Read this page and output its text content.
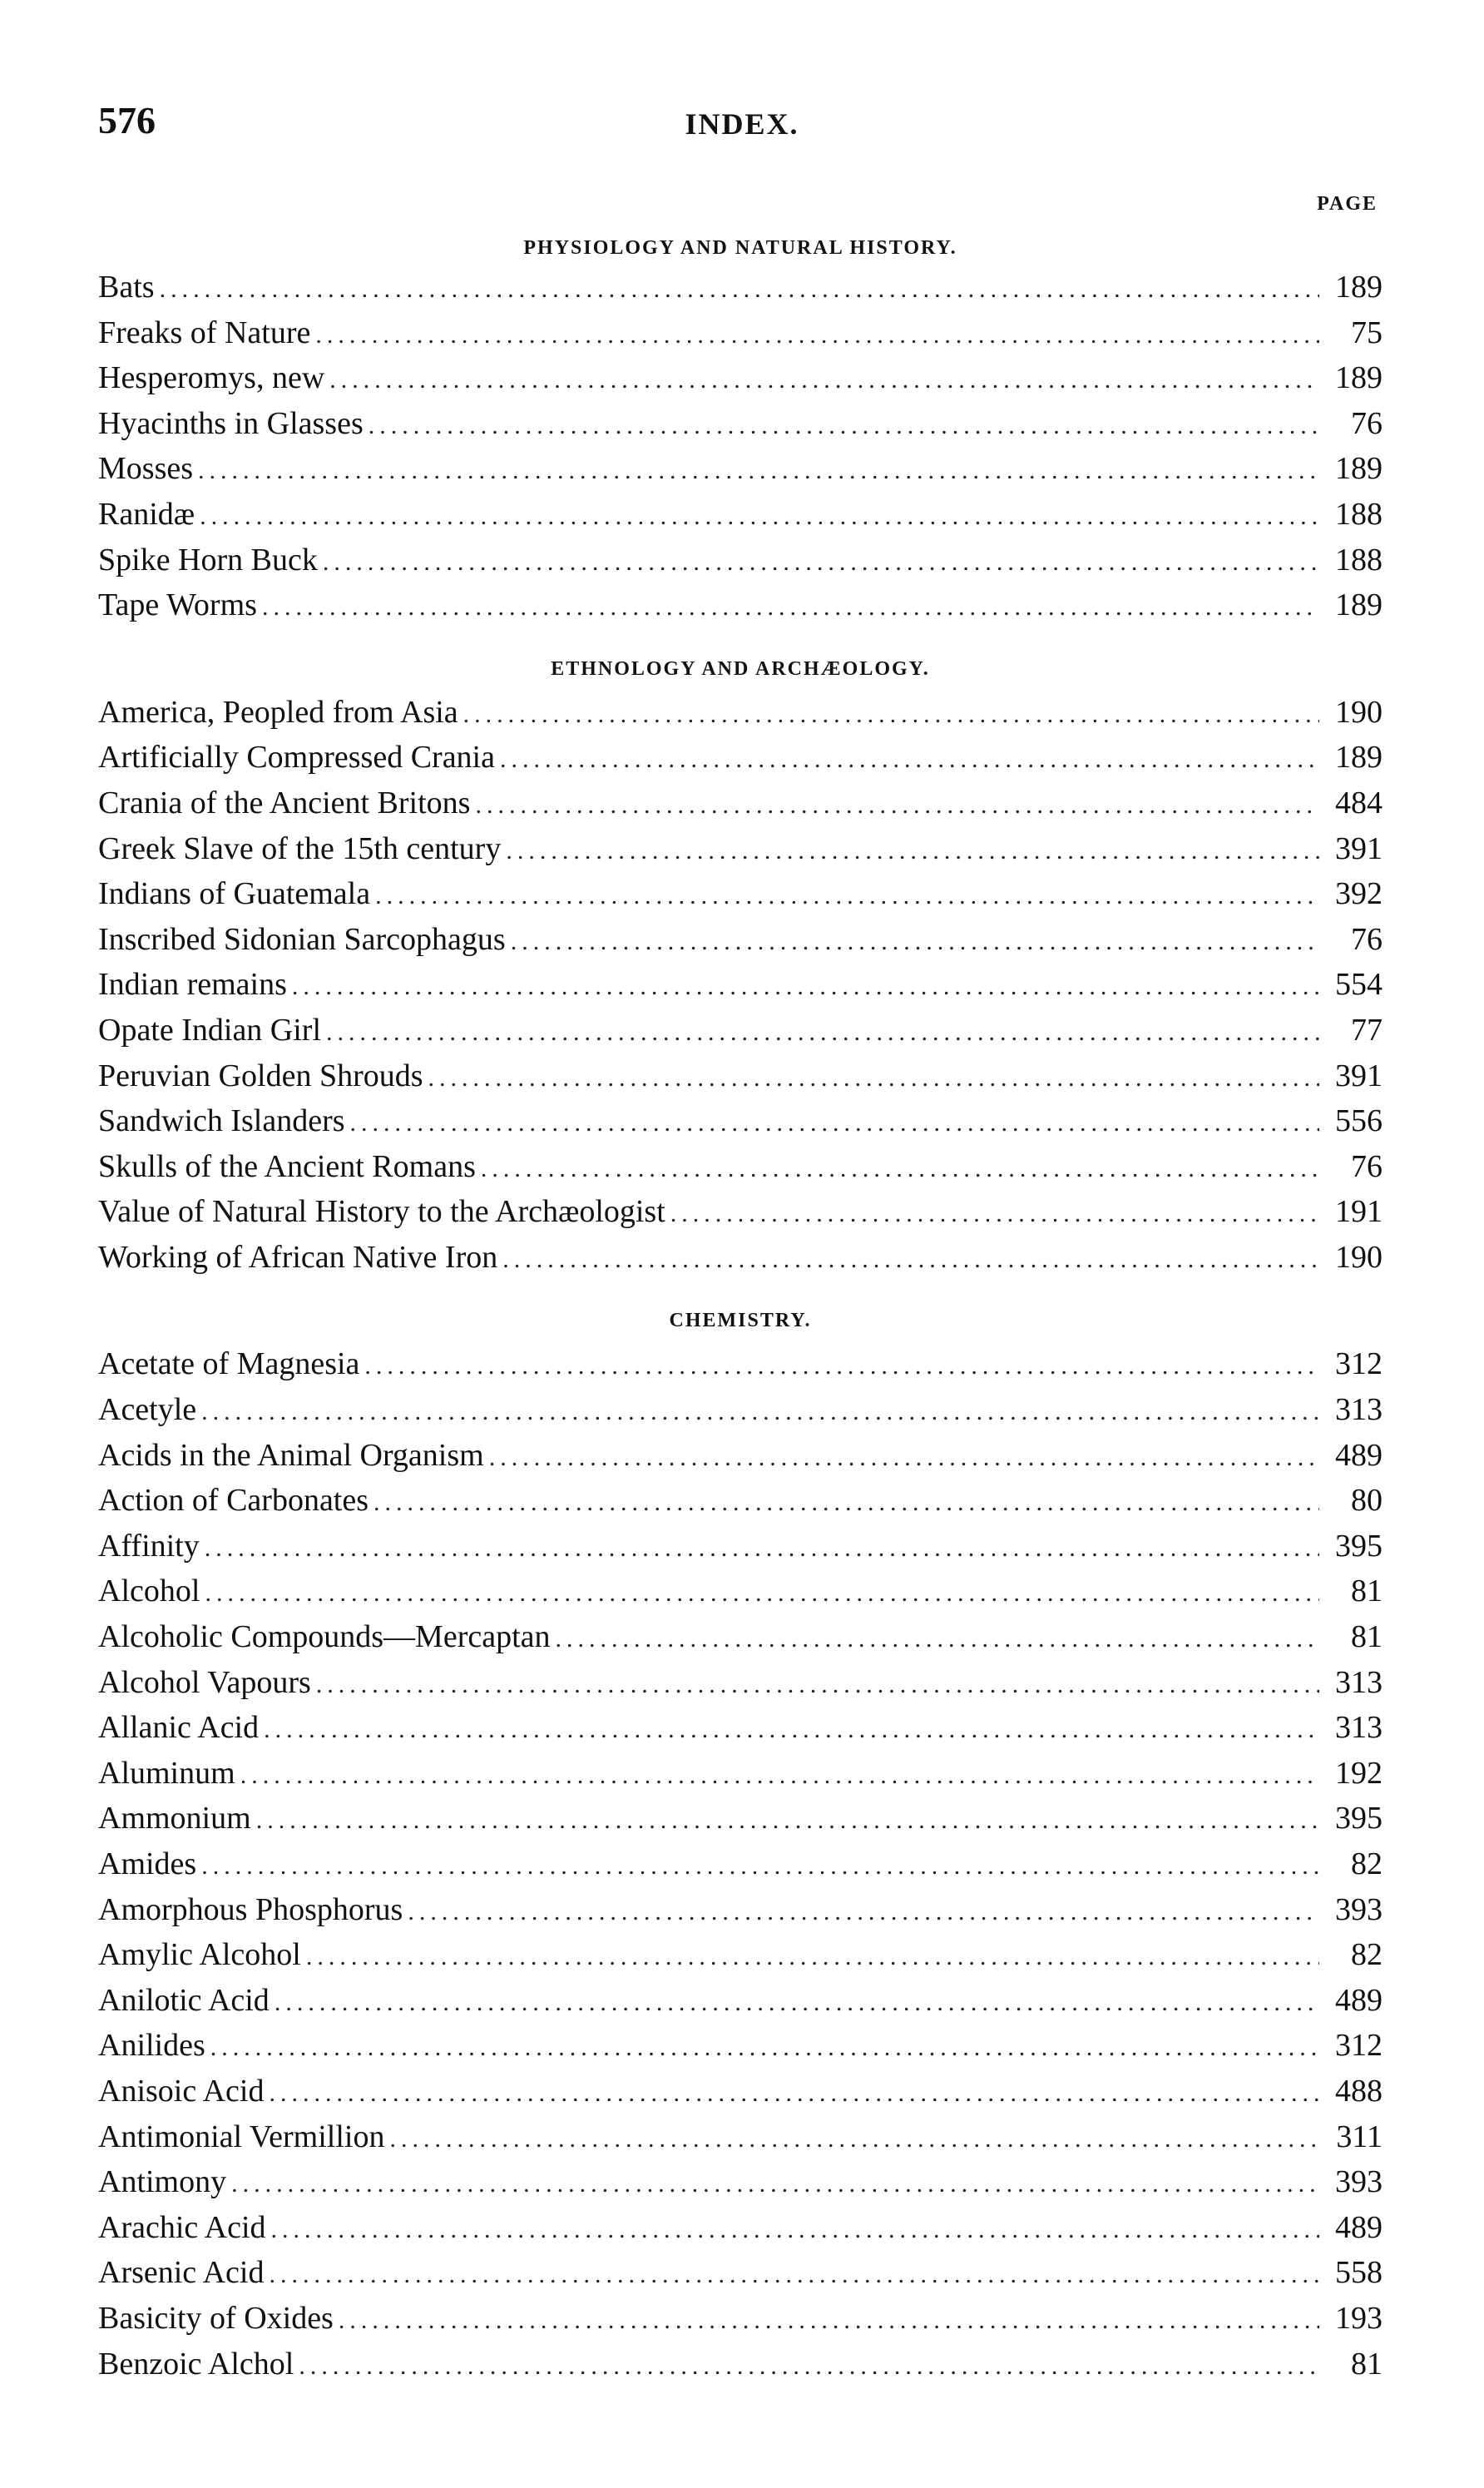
576	INDEX.
PAGE
PHYSIOLOGY AND NATURAL HISTORY.
Bats .....	189
Freaks of Nature .....	75
Hesperomys, new .....	189
Hyacinths in Glasses .....	76
Mosses .....	189
Ranidæ .....	188
Spike Horn Buck .....	188
Tape Worms .....	189
ETHNOLOGY AND ARCHÆOLOGY.
America, Peopled from Asia .....	190
Artificially Compressed Crania .....	189
Crania of the Ancient Britons .....	484
Greek Slave of the 15th century .....	391
Indians of Guatemala .....	392
Inscribed Sidonian Sarcophagus .....	76
Indian remains .....	554
Opate Indian Girl .....	77
Peruvian Golden Shrouds .....	391
Sandwich Islanders .....	556
Skulls of the Ancient Romans .....	76
Value of Natural History to the Archæologist .....	191
Working of African Native Iron .....	190
CHEMISTRY.
Acetate of Magnesia .....	312
Acetyle .....	313
Acids in the Animal Organism .....	489
Action of Carbonates .....	80
Affinity .....	395
Alcohol .....	81
Alcoholic Compounds—Mercaptan .....	81
Alcohol Vapours .....	313
Allanic Acid .....	313
Aluminum .....	192
Ammonium .....	395
Amides .....	82
Amorphous Phosphorus .....	393
Amylic Alcohol .....	82
Anilotic Acid .....	489
Anilides .....	312
Anisoic Acid .....	488
Antimonial Vermillion .....	311
Antimony .....	393
Arachic Acid .....	489
Arsenic Acid .....	558
Basicity of Oxides .....	193
Benzoic Alchol .....	81
